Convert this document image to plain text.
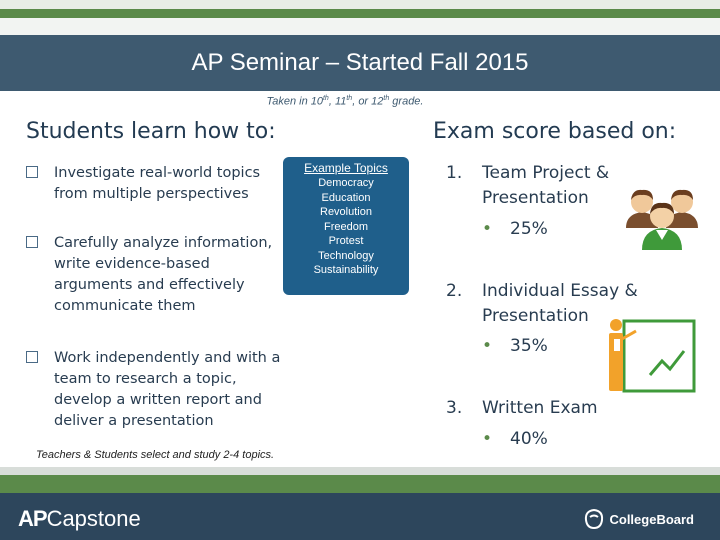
AP Seminar – Started Fall 2015
Taken in 10th, 11th, or 12th grade.
Students learn how to:	Exam score based on:
Investigate real-world topics from multiple perspectives
Carefully analyze information, write evidence-based arguments and effectively communicate them
Work independently and with a team to research a topic, develop a written report and deliver a presentation
Example Topics
Democracy
Education
Revolution
Freedom
Protest
Technology
Sustainability
Teachers & Students select and study 2-4 topics.
1.	Team Project & Presentation
• 25%
2.	Individual Essay & Presentation
• 35%
3.	Written Exam
• 40%
APCapstone	CollegeBoard
